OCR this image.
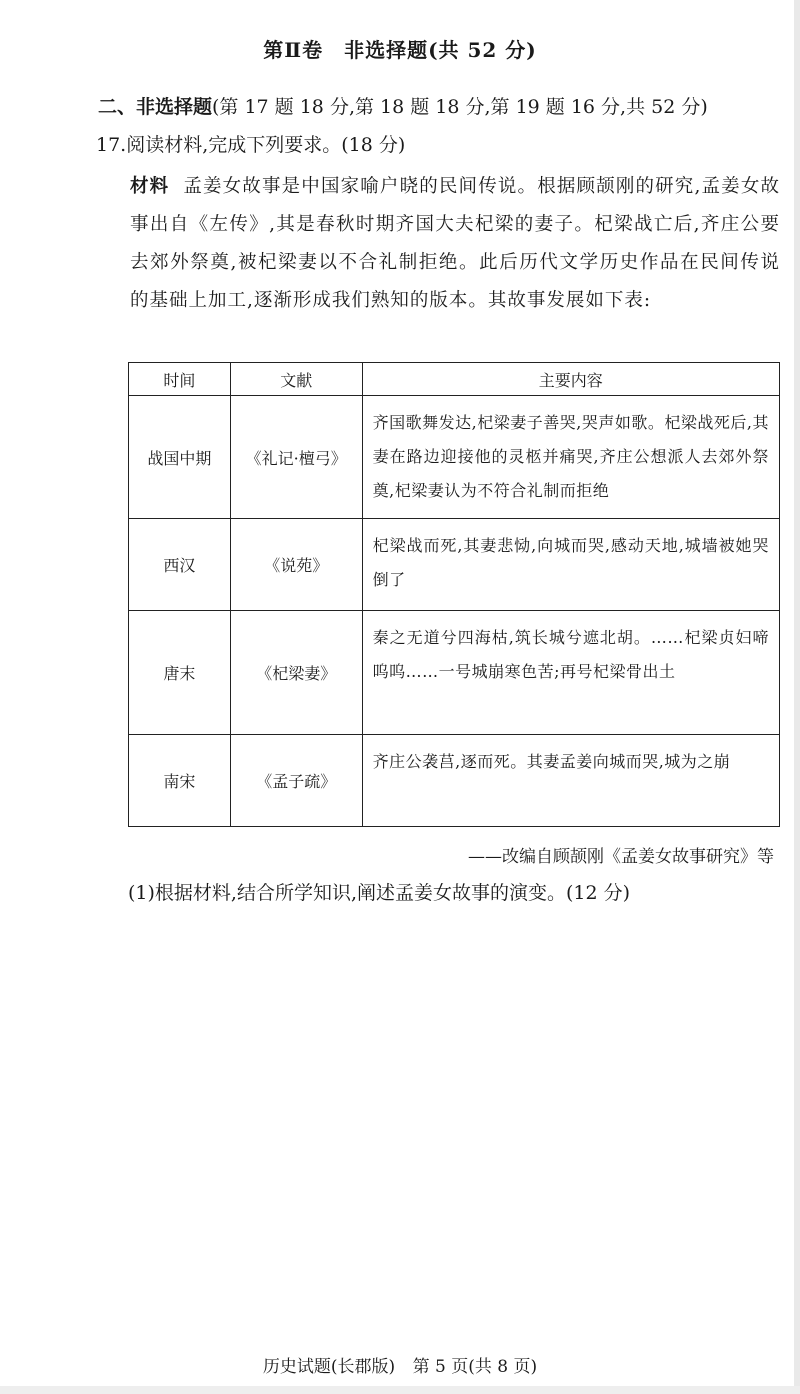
第Ⅱ卷　非选择题(共 52 分)
二、非选择题(第 17 题 18 分,第 18 题 18 分,第 19 题 16 分,共 52 分)
17.阅读材料,完成下列要求。(18 分)
材料 孟姜女故事是中国家喻户晓的民间传说。根据顾颉刚的研究,孟姜女故事出自《左传》,其是春秋时期齐国大夫杞梁的妻子。杞梁战亡后,齐庄公要去郊外祭奠,被杞梁妻以不合礼制拒绝。此后历代文学历史作品在民间传说的基础上加工,逐渐形成我们熟知的版本。其故事发展如下表:
时间	文献	主要内容
战国中期	《礼记·檀弓》	齐国歌舞发达,杞梁妻子善哭,哭声如歌。杞梁战死后,其妻在路边迎接他的灵柩并痛哭,齐庄公想派人去郊外祭奠,杞梁妻认为不符合礼制而拒绝
西汉	《说苑》	杞梁战而死,其妻悲恸,向城而哭,感动天地,城墙被她哭倒了
唐末	《杞梁妻》	秦之无道兮四海枯,筑长城兮遮北胡。……杞梁贞妇啼呜呜……一号城崩寒色苦;再号杞梁骨出土
南宋	《孟子疏》	齐庄公袭莒,逐而死。其妻孟姜向城而哭,城为之崩
——改编自顾颉刚《孟姜女故事研究》等
(1)根据材料,结合所学知识,阐述孟姜女故事的演变。(12 分)
历史试题(长郡版) 第 5 页(共 8 页)
